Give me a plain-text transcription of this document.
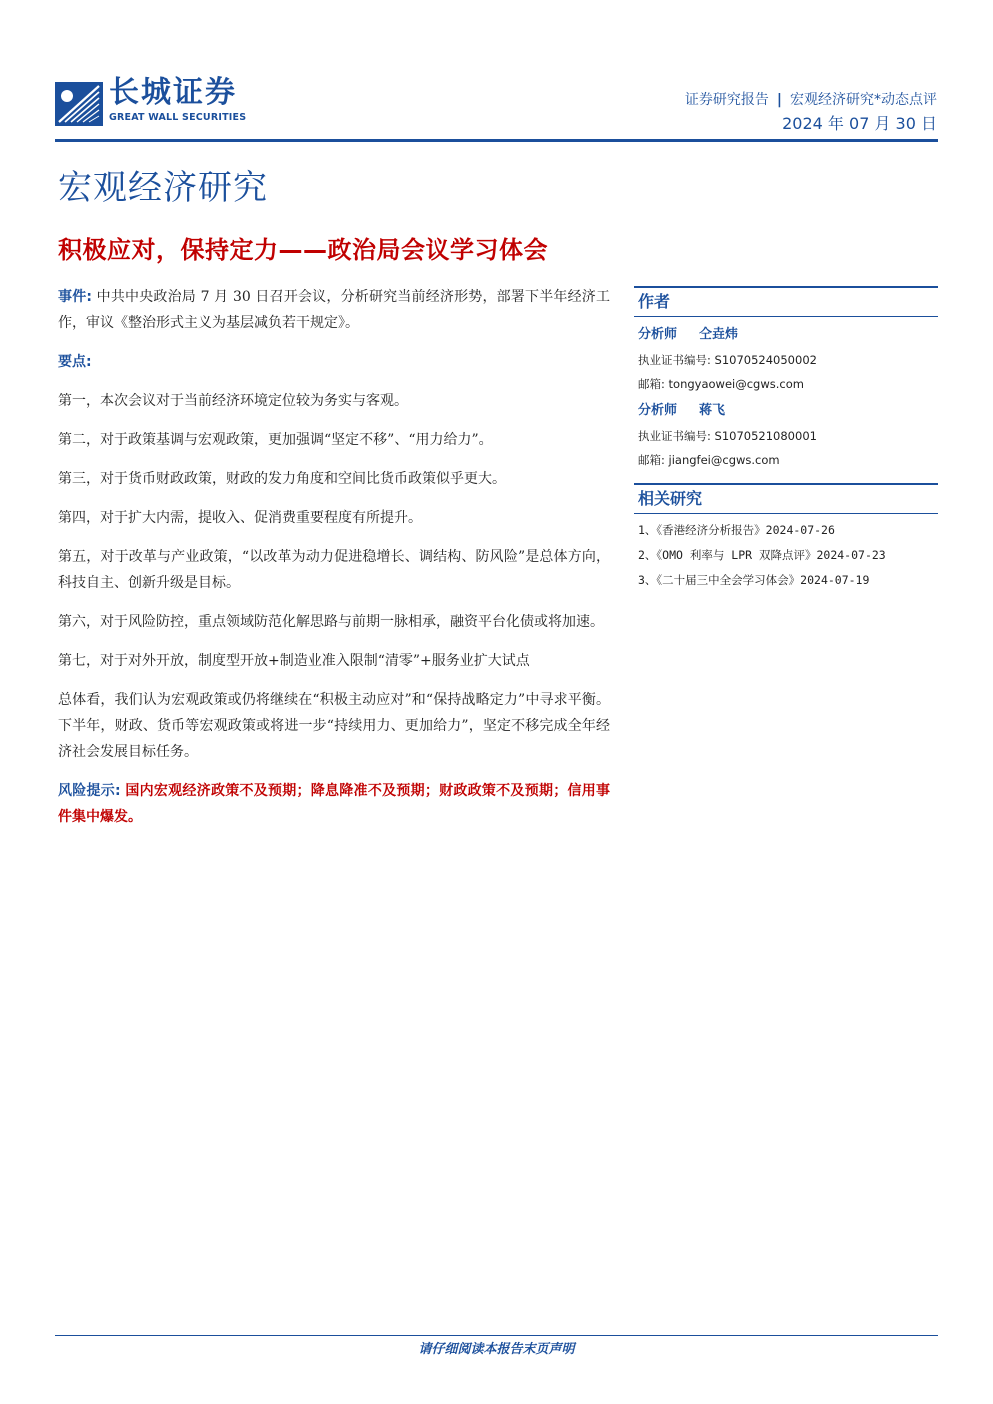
长城证券
GREAT WALL SECURITIES
证券研究报告 | 宏观经济研究*动态点评
2024 年 07 月 30 日
宏观经济研究
积极应对，保持定力——政治局会议学习体会

事件: 中共中央政治局 7 月 30 日召开会议，分析研究当前经济形势，部署下半年经济工作，审议《整治形式主义为基层减负若干规定》。

要点:

第一，本次会议对于当前经济环境定位较为务实与客观。

第二，对于政策基调与宏观政策，更加强调“坚定不移”、“用力给力”。

第三，对于货币财政政策，财政的发力角度和空间比货币政策似乎更大。

第四，对于扩大内需，提收入、促消费重要程度有所提升。

第五，对于改革与产业政策，“以改革为动力促进稳增长、调结构、防风险”是总体方向，科技自主、创新升级是目标。

第六，对于风险防控，重点领域防范化解思路与前期一脉相承，融资平台化债或将加速。

第七，对于对外开放，制度型开放+制造业准入限制“清零”+服务业扩大试点

总体看，我们认为宏观政策或仍将继续在“积极主动应对”和“保持战略定力”中寻求平衡。下半年，财政、货币等宏观政策或将进一步“持续用力、更加给力”，坚定不移完成全年经济社会发展目标任务。

风险提示: 国内宏观经济政策不及预期；降息降准不及预期；财政政策不及预期；信用事件集中爆发。

作者
分析师 仝垚炜
执业证书编号: S1070524050002
邮箱: tongyaowei@cgws.com
分析师 蒋飞
执业证书编号: S1070521080001
邮箱: jiangfei@cgws.com
相关研究
1、《香港经济分析报告》2024-07-26
2、《OMO 利率与 LPR 双降点评》2024-07-23
3、《二十届三中全会学习体会》2024-07-19
请仔细阅读本报告末页声明
